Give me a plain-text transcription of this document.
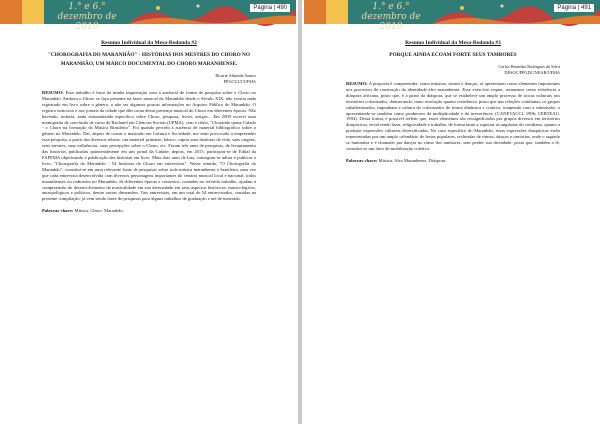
1.° e 6.°
dezembro de 2019
Página | 490
Resumo Individual da Mesa-Redonda #2
"CHOROGRAFIA DO MARANHÃO" - HISTÓRIAS DOS MESTRES DO CHORO NO MARANHÃO, UM MARCO DOCUMENTAL DO CHORO MARANHENSE.
Ricarte Almeida Santos
PPGCULT/UFMA

RESUMO: Esse trabalho é fruto da minha inquietação com a ausência de fontes de pesquisa sobre o Choro no Maranhão. Embora o Choro se faça presente na fazer musical do Maranhão desde o Século XIX, não existia nada registrado em livro sobre o gênero, a não ser algumas poucas informações no Arquivo Público do Maranhão. O registro noticioso e nos jornais da cidade que dão conta dessa presença musical do Choro em diferentes épocas. Não havendo, todavia, nada sistematizado específico sobre Choro, pesquisa, livros, artigos... Em 2009 escrevi uma monografia de conclusão de curso de Bacharel em Ciências Sociais (UFMA), com o título, "Chorando quase Calado - o Choro na formação da Música Brasileira". Foi quando percebi a ausência de material bibliográfico sobre o gênero no Maranhão. Daí, depois de cursar o mestrado em Cultura e Sociedade, me senti provocado a empreender essa pesquisa, a partir dos diversos relatos, um material primário, básico, captar suas histórias de vida, suas origens, seus mestres, suas influências, suas percepções sobre o Choro, etc. Foram três anos de pesquisas, de levantamento das histórias, publicadas quinzenalmente em um jornal da Cidade; depois, em 2015, participou-se de Edital da FAPEMA objetivando a publicação das histórias em livro. Mais dois anos de luta, conseguiu-se aditar e publicar o livro, "Chorografia do Maranhão - 54 histórias do Choro em entrevistas". Nesse sentido, "O Chorografia do Maranhão", constitui-se em uma relevante fonte de pesquisas sobre toda música maranhense e brasileira, uma vez que cada entrevista desenvolvida com diversos personagens importantes do cenário musical local e nacional, todos maranhenses ou radicados no Maranhão, de diferentes épocas e contextos, contadas no referido trabalho, ajudam à compreensão do desenvolvimento da musicalidade em sua diversidade em seus aspectos históricos, musicológicos, antropológicos e políticos, dentre outras dimensões. Tais entrevistas, em um total de 54 entrevistados, contidas na presente compilação, já vem sendo fonte de pesquisas para alguns trabalhos de graduação e até de mestrado.

Palavras-chave: Música, Choro, Maranhão.
1.° e 6.°
dezembro de 2019
Página | 491
Resumo Individual da Mesa-Redonda #3
PORQUE AINDA ECOAM FORTE SEUS TAMBORES
Carlos Benedito Rodrigues da Silva
DESOC/PPGDC/NEAB/UFMA

RESUMO: A proposta é compreender, como músicas, ritmos e danças, se apresentam como elementos importantes nos processos de construção da identidade afro maranhense. Esse exercício requer, tornarmos como referência a diáspora africana, posto que, é a partir da diáspora, que se estabelece um amplo processo de trocas culturais nos territórios colonizados, demarcando, tanto resolução quanto resistência, posto que nas relações cotidianas, os grupos subalternizados, impunham a cultura do colonizador de forma dinâmica e criativa, rompendo com a submissão, o apresentando-se também como produtores da multiplicidade e da irreverência. (CANEVACCI, 1996; CERTEAU, 1994). Dessa forma, é possível refletir que, esses elementos são ressignificados por grupos diversos em territórios diaspóricos, envolvendo lazer, religiosidade e trabalho, de forma tanto a suportar as angústias do cotidiano, quanto a produzir expressões culturais diversificadas. No caso específico do Maranhão, essas expressões diaspóricas estão representadas por um amplo calendário de festas populares, recheadas de ritmos, danças e cantorias, onde o sagrado se humaniza e é chamado pra dançar no ritmo dos tambores, sem perder sua divindade, posto que, também a fé, constitui-se um fator de mobilização coletiva.

Palavras-chave: Música, Afro Maranhense, Diáspora.
